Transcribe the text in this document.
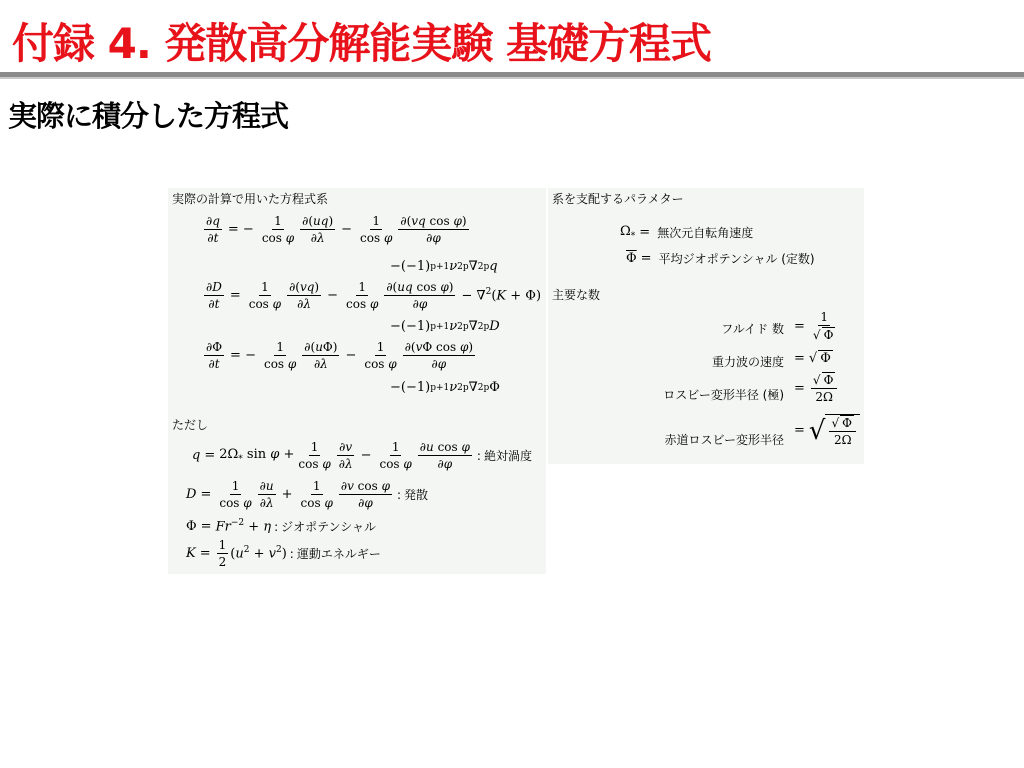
付録 4. 発散高分解能実験 基礎方程式
実際に積分した方程式
実際の計算で用いた方程式系
$\frac{\partial q}{\partial t}$ = − $\frac{1}{\text{cos φ}} \frac{\partial(uq)}{\partial\lambda} - \frac{1}{\text{cos φ}} \frac{\text{∂(vq cos φ)}}{\partial\varphi}$
−(−1) p+1 ν 2p ∇ 2p q
$\frac{\partial D}{\partial t} = \frac{1}{\text{cos φ}} \frac{\partial(vq)}{\partial\lambda} - \frac{1}{\text{cos φ}} \frac{\text{∂(uq cos φ)}}{\partial\varphi} - \nabla^2(K + \Phi)$
−(−1) p+1 ν 2p ∇ 2p D
$\frac{\partial\Phi}{\partial t}$ = − $\frac{1}{\text{cos φ}} \frac{\partial(u\Phi)}{\partial\lambda} - \frac{1}{\text{cos φ}} \frac{\text{∂(vΦ cos φ)}}{\partial\varphi}$
−(−1) p+1 ν 2p ∇ 2p Φ
ただし
$q = 2\Omega_*$ $\sin \varphi + \frac{1}{\text{cos φ}} \frac{\partial v}{\partial\lambda} - \frac{1}{\text{cos φ}} \frac{\text{∂u cos φ}}{\partial\varphi}$ : 絶対渦度
$D = \frac{1}{\text{cos φ}} \frac{\partial u}{\partial\lambda} + \frac{1}{\text{cos φ}} \frac{\text{∂v cos φ}}{\partial\varphi}$ : 発散
$\Phi = Fr^{-2} + \eta$ : ジオポテンシャル
$K = \frac{1}{2} (u^2 + v^2)$ : 運動エネルギー
系を支配するパラメター
$\Omega_*$ = 無次元自転角速度
$\overline{\Phi}$ = 平均ジオポテンシャル (定数)
主要な数
フルイド 数 = $\frac{1}{√ \Phi}$
重力波の速度 = √ Φ
ロスビー変形半径 (極) = $\frac{√ \Phi}{2\Omega}$
赤道ロスビー変形半径
= √ $\frac{√ \Phi}{2\Omega}$
